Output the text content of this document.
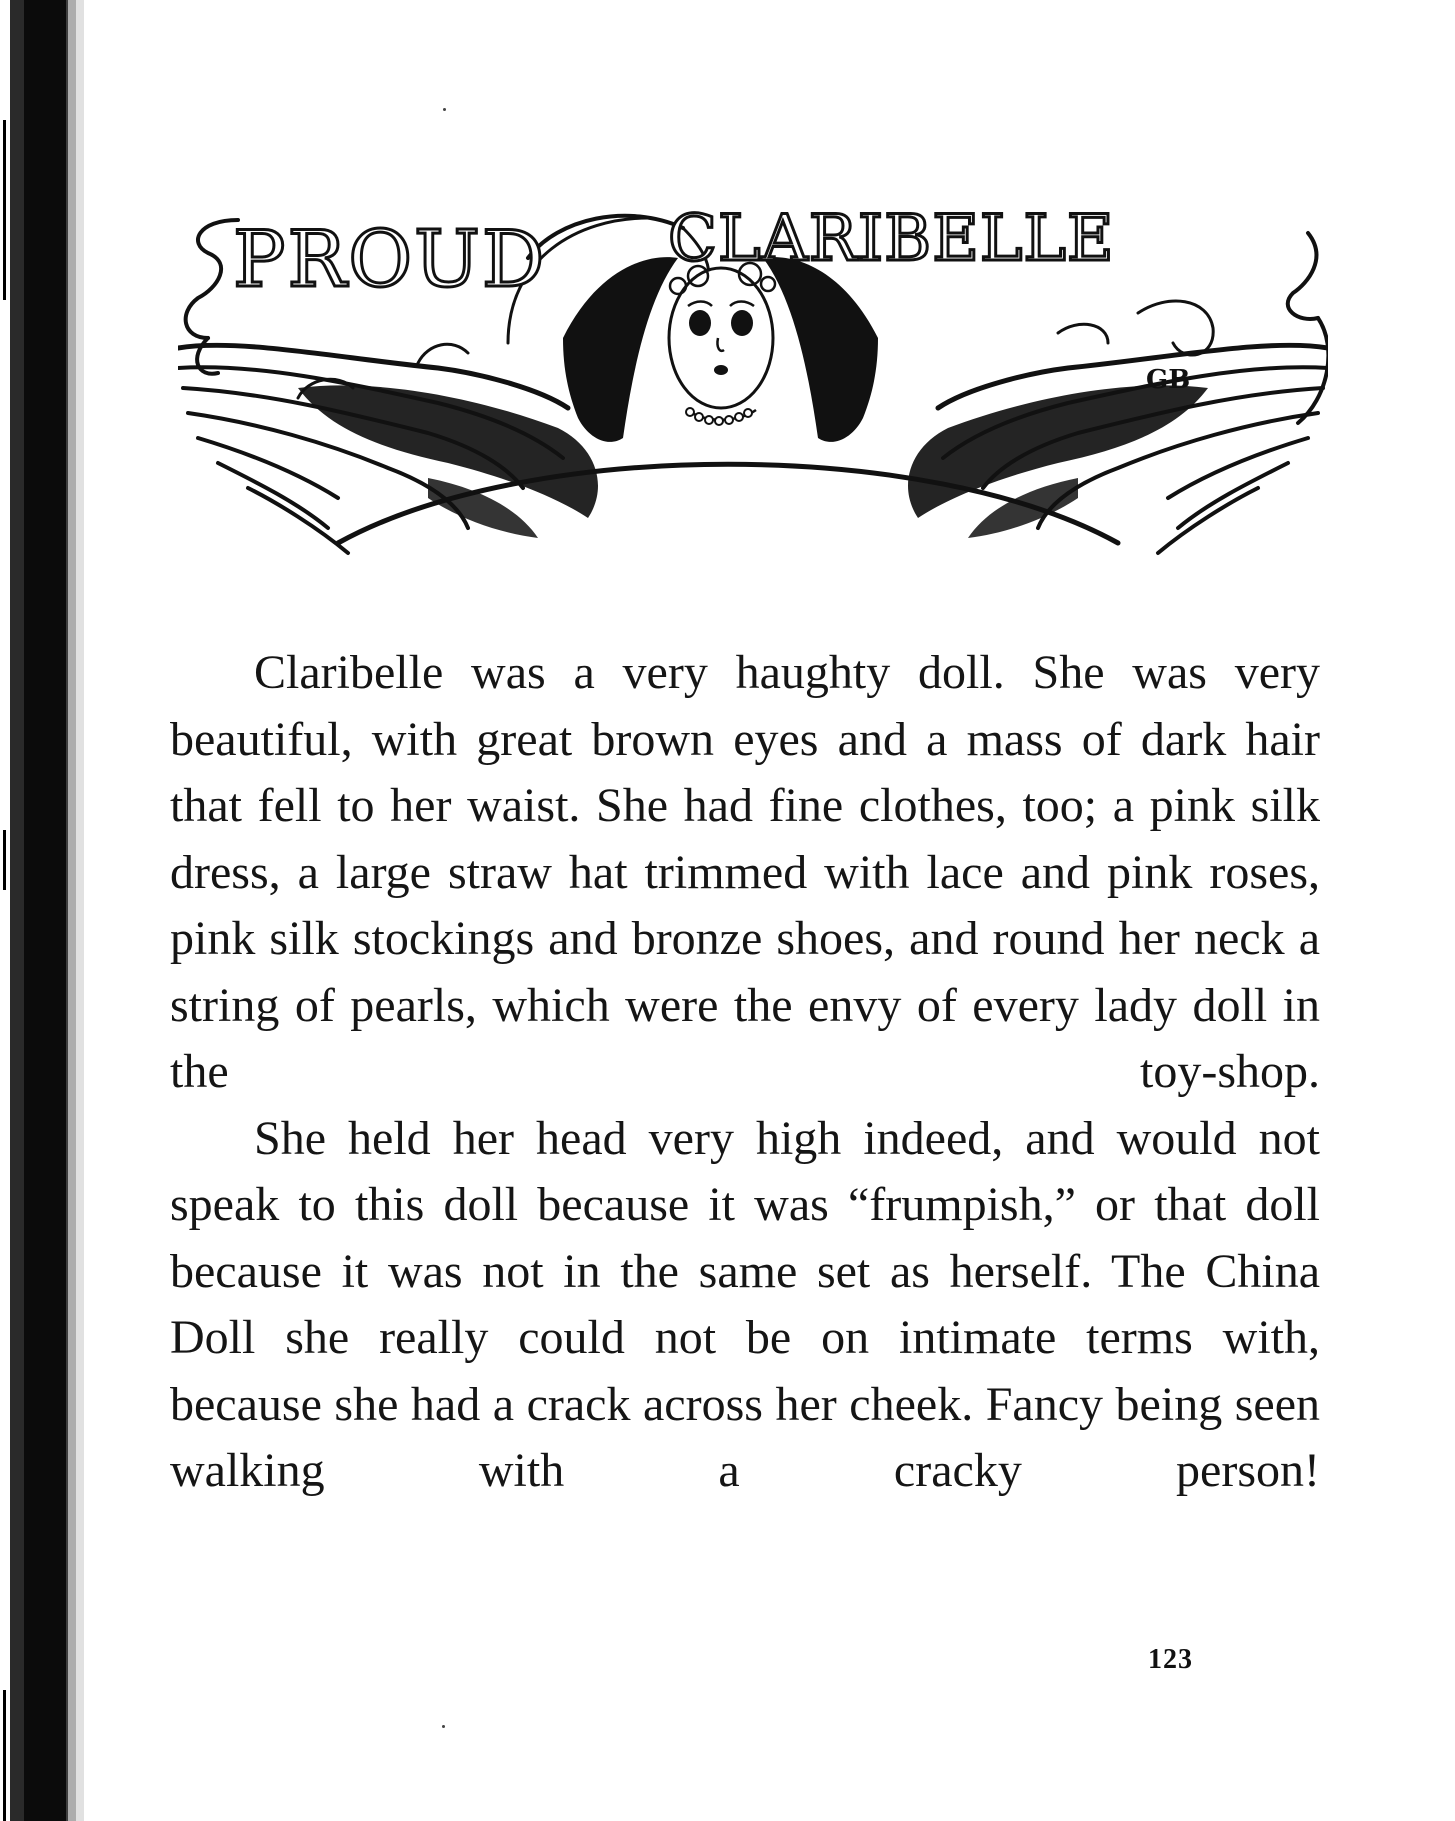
PROUD CLARIBELLE
GB

Claribelle was a very haughty doll. She was very beautiful, with great brown eyes and a mass of dark hair that fell to her waist. She had fine clothes, too; a pink silk dress, a large straw hat trimmed with lace and pink roses, pink silk stockings and bronze shoes, and round her neck a string of pearls, which were the envy of every lady doll in the toy-shop.

She held her head very high indeed, and would not speak to this doll because it was “frumpish,” or that doll because it was not in the same set as herself. The China Doll she really could not be on intimate terms with, because she had a crack across her cheek. Fancy being seen walking with a cracky person!

123
